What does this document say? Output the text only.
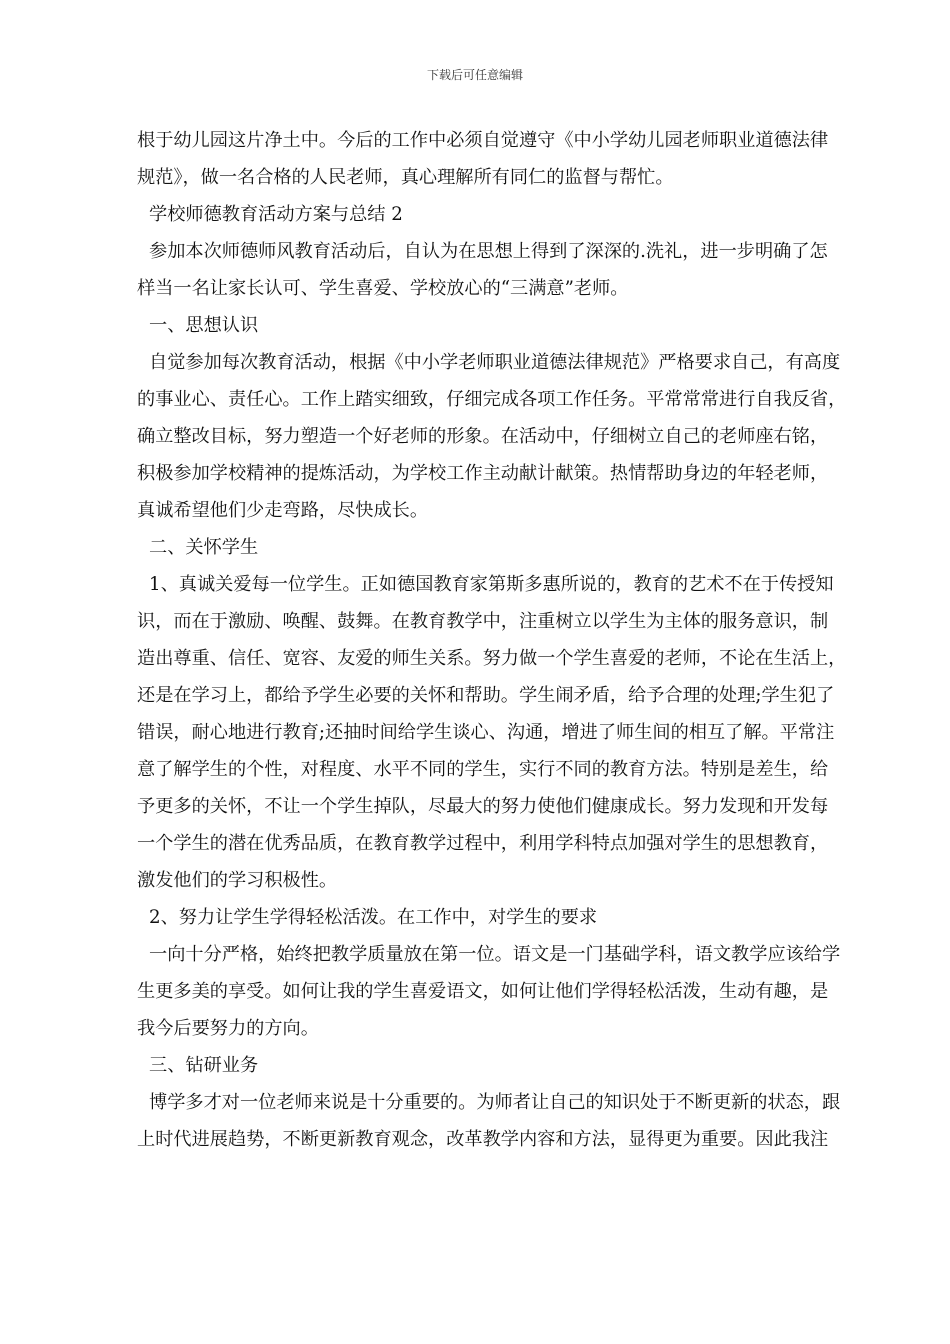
下载后可任意编辑
根于幼儿园这片净土中。今后的工作中必须自觉遵守《中小学幼儿园老师职业道德法律
规范》，做一名合格的人民老师，真心理解所有同仁的监督与帮忙。
学校师德教育活动方案与总结 2
参加本次师德师风教育活动后，自认为在思想上得到了深深的.洗礼，进一步明确了怎
样当一名让家长认可、学生喜爱、学校放心的“三满意”老师。
一、思想认识
自觉参加每次教育活动，根据《中小学老师职业道德法律规范》严格要求自己，有高度
的事业心、责任心。工作上踏实细致，仔细完成各项工作任务。平常常常进行自我反省，
确立整改目标，努力塑造一个好老师的形象。在活动中，仔细树立自己的老师座右铭，
积极参加学校精神的提炼活动，为学校工作主动献计献策。热情帮助身边的年轻老师，
真诚希望他们少走弯路，尽快成长。
二、关怀学生
1、真诚关爱每一位学生。正如德国教育家第斯多惠所说的，教育的艺术不在于传授知
识，而在于激励、唤醒、鼓舞。在教育教学中，注重树立以学生为主体的服务意识，制
造出尊重、信任、宽容、友爱的师生关系。努力做一个学生喜爱的老师，不论在生活上，
还是在学习上，都给予学生必要的关怀和帮助。学生闹矛盾，给予合理的处理;学生犯了
错误，耐心地进行教育;还抽时间给学生谈心、沟通，增进了师生间的相互了解。平常注
意了解学生的个性，对程度、水平不同的学生，实行不同的教育方法。特别是差生，给
予更多的关怀，不让一个学生掉队，尽最大的努力使他们健康成长。努力发现和开发每
一个学生的潜在优秀品质，在教育教学过程中，利用学科特点加强对学生的思想教育，
激发他们的学习积极性。
2、努力让学生学得轻松活泼。在工作中，对学生的要求
一向十分严格，始终把教学质量放在第一位。语文是一门基础学科，语文教学应该给学
生更多美的享受。如何让我的学生喜爱语文，如何让他们学得轻松活泼，生动有趣，是
我今后要努力的方向。
三、钻研业务
博学多才对一位老师来说是十分重要的。为师者让自己的知识处于不断更新的状态，跟
上时代进展趋势，不断更新教育观念，改革教学内容和方法，显得更为重要。因此我注
